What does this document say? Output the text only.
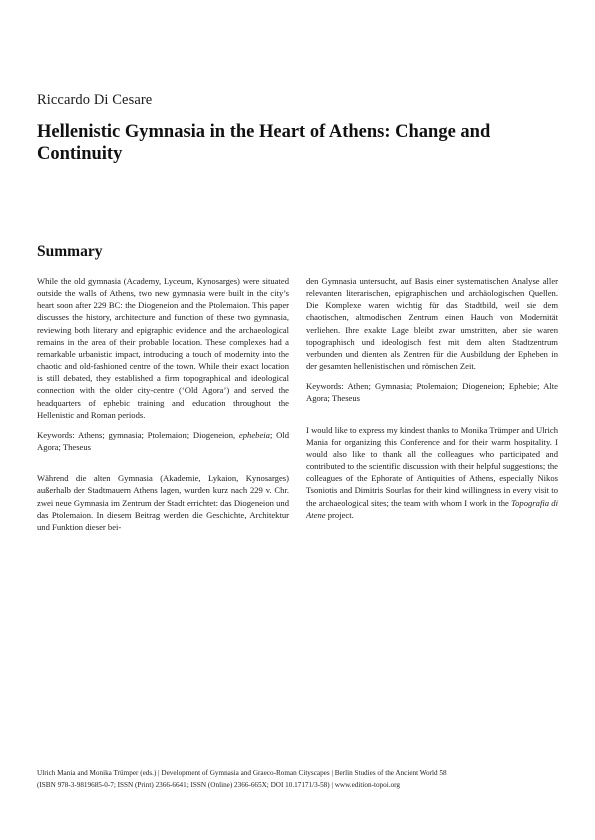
Riccardo Di Cesare
Hellenistic Gymnasia in the Heart of Athens: Change and Continuity
Summary

While the old gymnasia (Academy, Lyceum, Kynosarges) were situated outside the walls of Athens, two new gymnasia were built in the city’s heart soon after 229 BC: the Diogeneion and the Ptolemaion. This paper discusses the history, architecture and function of these two gymnasia, reviewing both literary and epigraphic evidence and the archaeological remains in the area of their probable location. These complexes had a remarkable urbanistic impact, introducing a touch of modernity into the chaotic and old-fashioned centre of the town. While their exact location is still debated, they established a firm topographical and ideological connection with the older city-centre (‘Old Agora’) and served the headquarters of ephebic training and education throughout the Hellenistic and Roman periods.

Keywords: Athens; gymnasia; Ptolemaion; Diogeneion, ephebeia; Old Agora; Theseus

Während die alten Gymnasia (Akademie, Lykaion, Kynosarges) außerhalb der Stadtmauern Athens lagen, wurden kurz nach 229 v. Chr. zwei neue Gymnasia im Zentrum der Stadt errichtet: das Diogeneion und das Ptolemaion. In diesem Beitrag werden die Geschichte, Architektur und Funktion dieser bei-

den Gymnasia untersucht, auf Basis einer systematischen Analyse aller relevanten literarischen, epigraphischen und archäologischen Quellen. Die Komplexe waren wichtig für das Stadtbild, weil sie dem chaotischen, altmodischen Zentrum einen Hauch von Modernität verliehen. Ihre exakte Lage bleibt zwar umstritten, aber sie waren topographisch und ideologisch fest mit dem alten Stadtzentrum verbunden und dienten als Zentren für die Ausbildung der Epheben in der gesamten hellenistischen und römischen Zeit.

Keywords: Athen; Gymnasia; Ptolemaion; Diogeneion; Ephebie; Alte Agora; Theseus

I would like to express my kindest thanks to Monika Trümper and Ulrich Mania for organizing this Conference and for their warm hospitality. I would also like to thank all the colleagues who participated and contributed to the scientific discussion with their helpful suggestions; the colleagues of the Ephorate of Antiquities of Athens, especially Nikos Tsoniotis and Dimitris Sourlas for their kind willingness in every visit to the archaeological sites; the team with whom I work in the Topografia di Atene project.

Ulrich Mania and Monika Trümper (eds.) | Development of Gymnasia and Graeco-Roman Cityscapes | Berlin Studies of the Ancient World 58
(ISBN 978-3-9819685-0-7; ISSN (Print) 2366-6641; ISSN (Online) 2366-665X; DOI 10.17171/3-58) | www.edition-topoi.org
